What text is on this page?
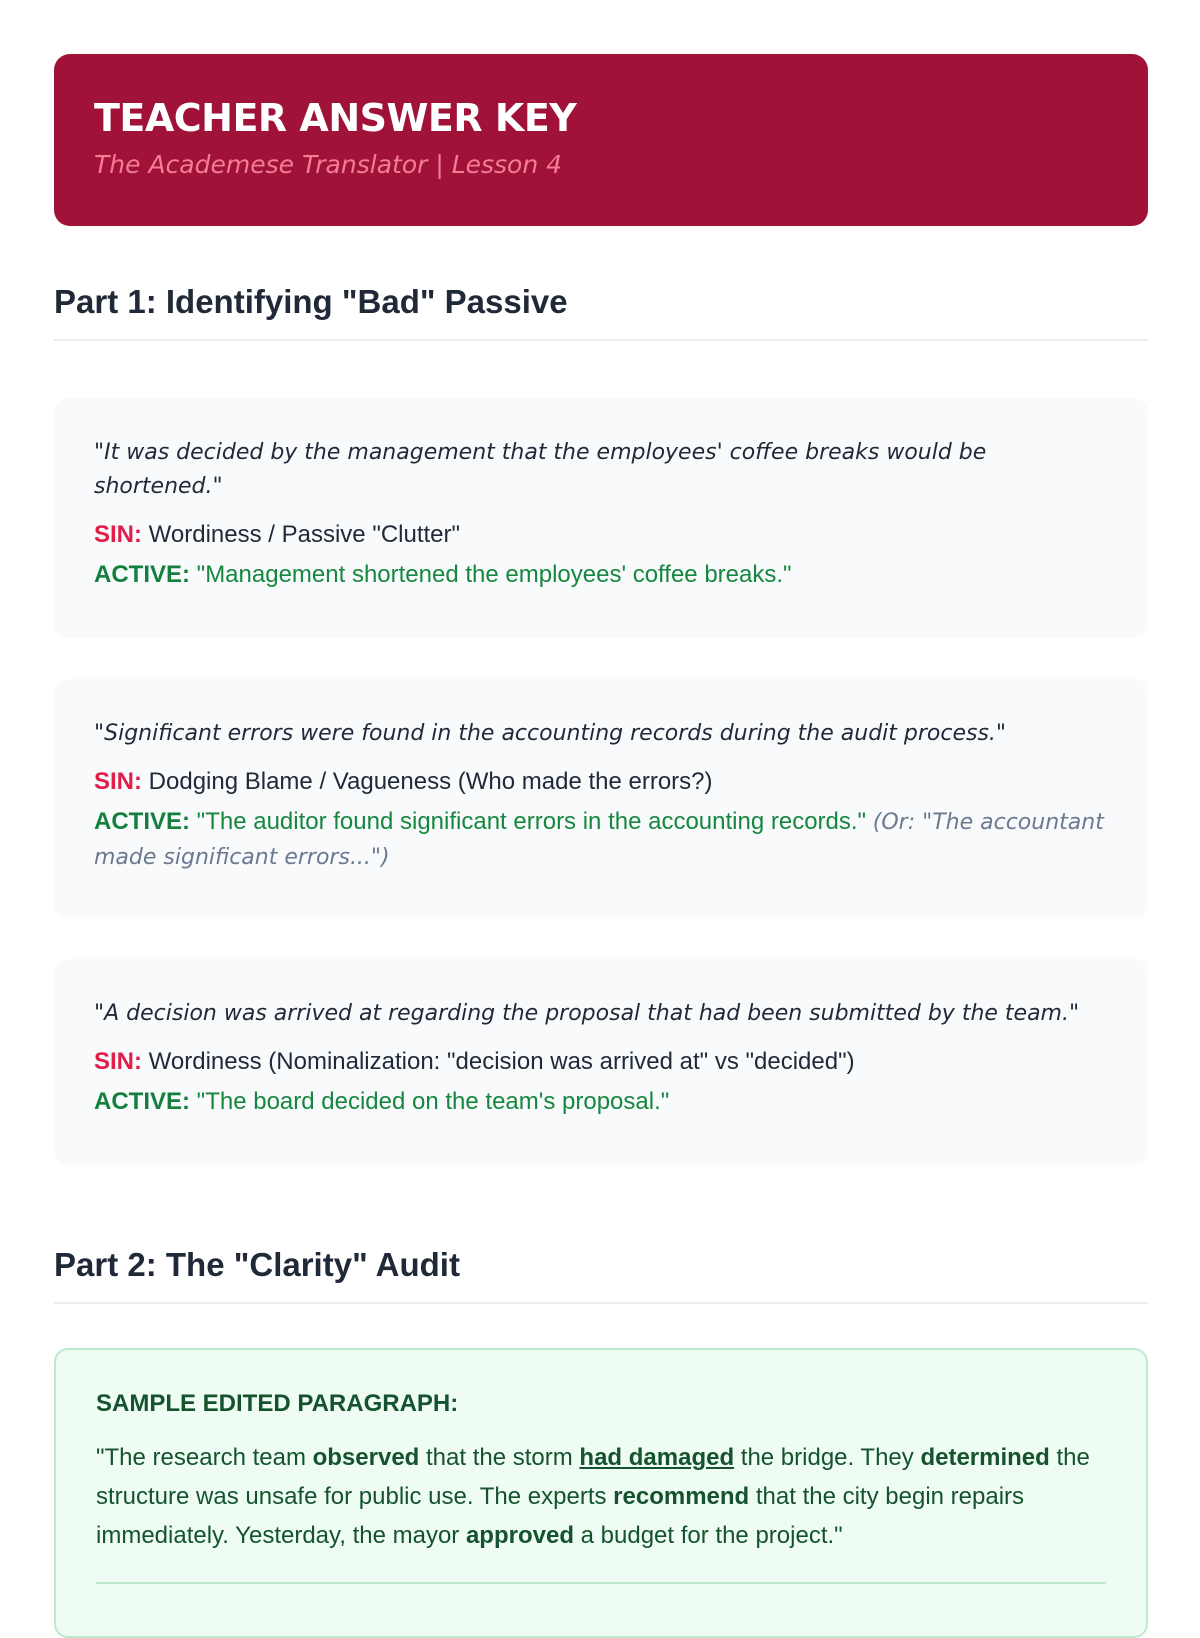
TEACHER ANSWER KEY
The Academese Translator | Lesson 4
Part 1: Identifying "Bad" Passive

"It was decided by the management that the employees' coffee breaks would be shortened."

SIN: Wordiness / Passive "Clutter"

ACTIVE: "Management shortened the employees' coffee breaks."

"Significant errors were found in the accounting records during the audit process."

SIN: Dodging Blame / Vagueness (Who made the errors?)

ACTIVE: "The auditor found significant errors in the accounting records." (Or: "The accountant made significant errors...")

"A decision was arrived at regarding the proposal that had been submitted by the team."

SIN: Wordiness (Nominalization: "decision was arrived at" vs "decided")

ACTIVE: "The board decided on the team's proposal."

Part 2: The "Clarity" Audit

SAMPLE EDITED PARAGRAPH:

"The research team observed that the storm had damaged the bridge. They determined the structure was unsafe for public use. The experts recommend that the city begin repairs immediately. Yesterday, the mayor approved a budget for the project."
